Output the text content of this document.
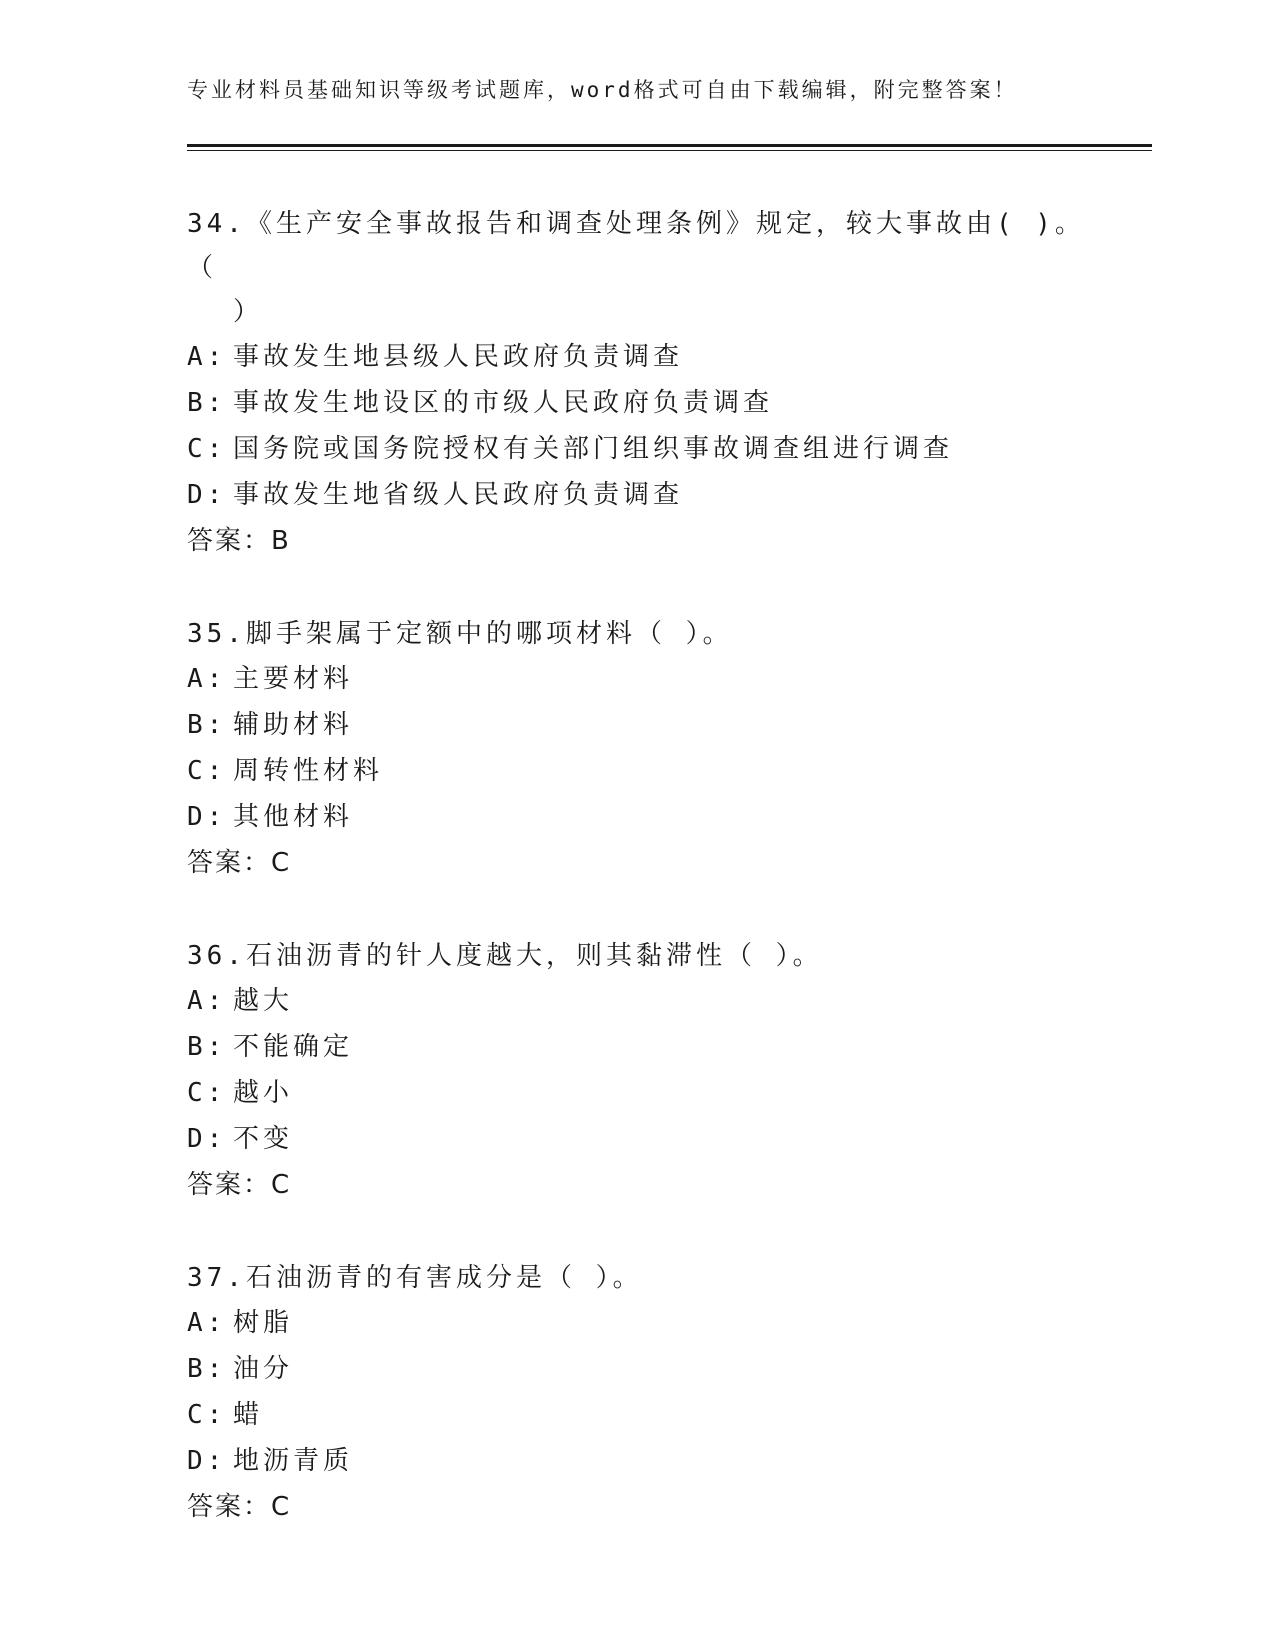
专业材料员基础知识等级考试题库，word格式可自由下载编辑，附完整答案！
34.《生产安全事故报告和调查处理条例》规定，较大事故由( )。（
）
A: 事故发生地县级人民政府负责调查
B: 事故发生地设区的市级人民政府负责调查
C: 国务院或国务院授权有关部门组织事故调查组进行调查
D: 事故发生地省级人民政府负责调查
答案：B
35.脚手架属于定额中的哪项材料（ ）。
A: 主要材料
B: 辅助材料
C: 周转性材料
D: 其他材料
答案：C
36.石油沥青的针人度越大，则其黏滞性（ ）。
A: 越大
B: 不能确定
C: 越小
D: 不变
答案：C
37.石油沥青的有害成分是（ ）。
A: 树脂
B: 油分
C: 蜡
D: 地沥青质
答案：C
